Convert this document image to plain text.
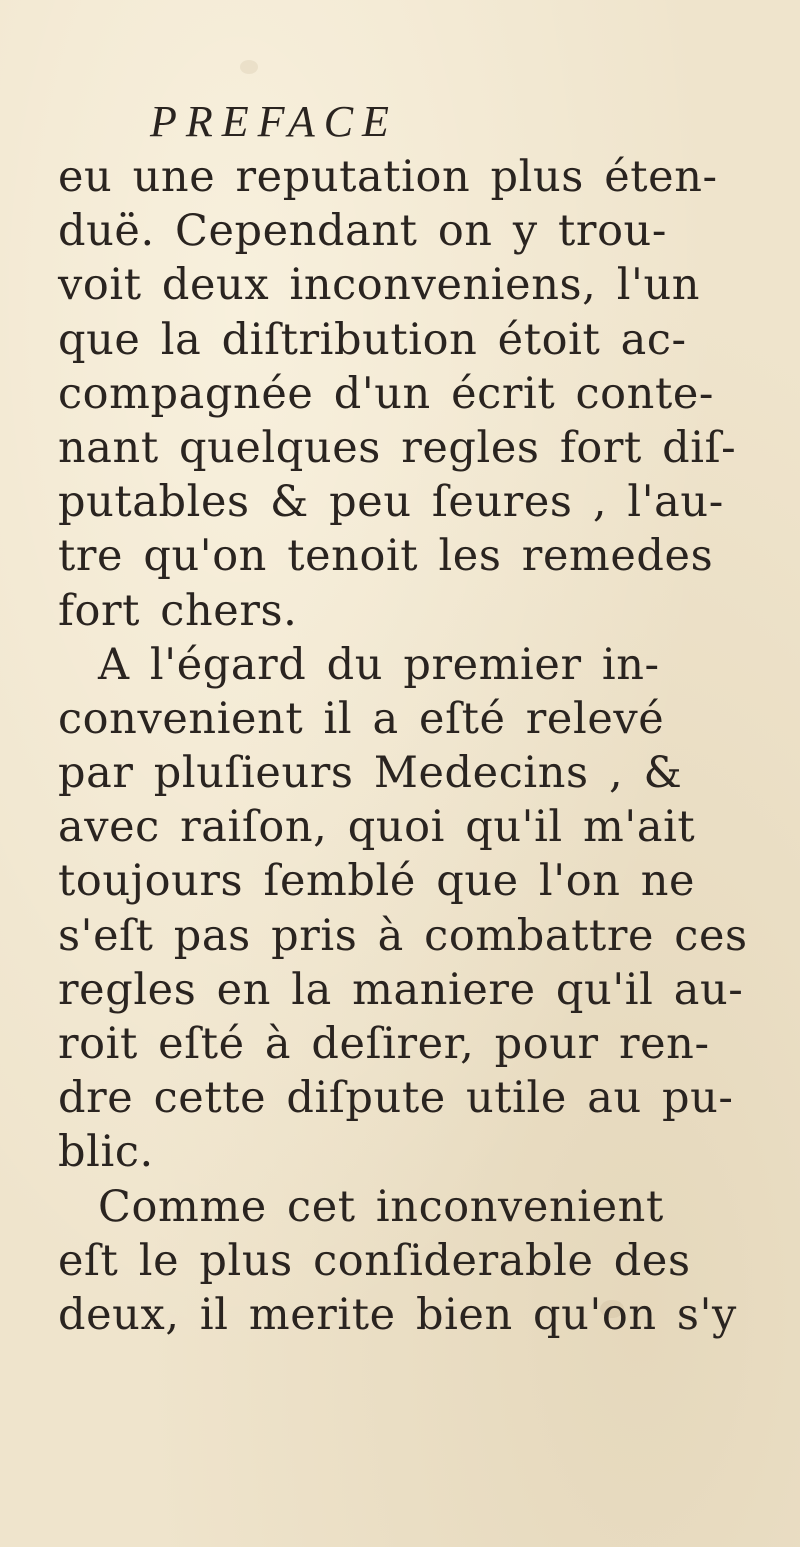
PREFACE
eu une reputation plus éten-
duë. Cependant on y trou-
voit deux inconveniens, l'un
que la diſtribution étoit ac-
compagnée d'un écrit conte-
nant quelques regles fort diſ-
putables & peu ſeures , l'au-
tre qu'on tenoit les remedes
fort chers.
A l'égard du premier in-
convenient il a eſté relevé
par pluſieurs Medecins , &
avec raiſon, quoi qu'il m'ait
toujours ſemblé que l'on ne
s'eſt pas pris à combattre ces
regles en la maniere qu'il au-
roit eſté à deſirer, pour ren-
dre cette diſpute utile au pu-
blic.
Comme cet inconvenient
eſt le plus conſiderable des
deux, il merite bien qu'on s'y
